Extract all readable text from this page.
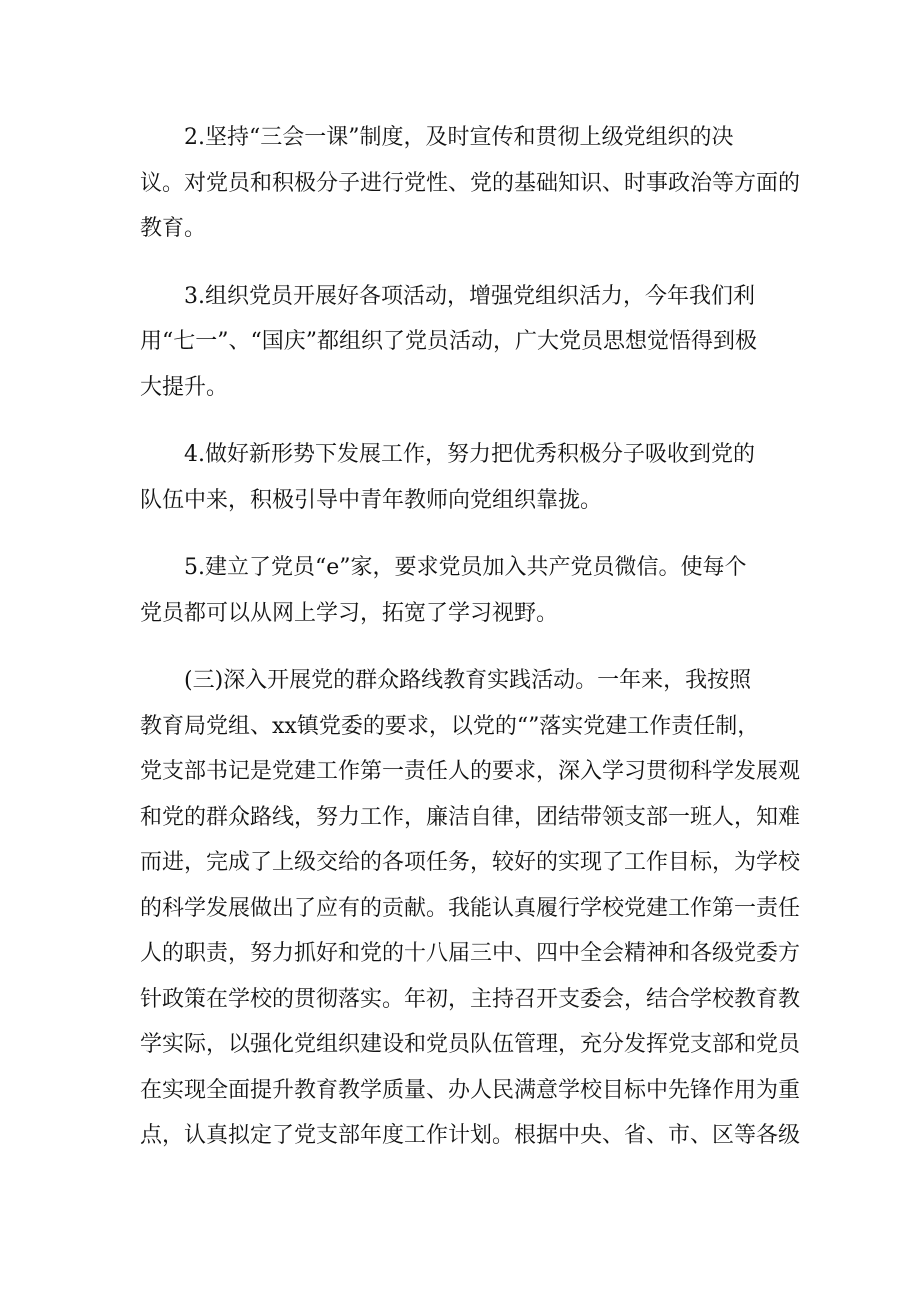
2.坚持“三会一课”制度，及时宣传和贯彻上级党组织的决
议。对党员和积极分子进行党性、党的基础知识、时事政治等方面的
教育。
3.组织党员开展好各项活动，增强党组织活力，今年我们利
用“七一”、“国庆”都组织了党员活动，广大党员思想觉悟得到极
大提升。
4.做好新形势下发展工作，努力把优秀积极分子吸收到党的
队伍中来，积极引导中青年教师向党组织靠拢。
5.建立了党员“e”家，要求党员加入共产党员微信。使每个
党员都可以从网上学习，拓宽了学习视野。
(三)深入开展党的群众路线教育实践活动。一年来，我按照
教育局党组、xx镇党委的要求，以党的“”落实党建工作责任制，
党支部书记是党建工作第一责任人的要求，深入学习贯彻科学发展观
和党的群众路线，努力工作，廉洁自律，团结带领支部一班人，知难
而进，完成了上级交给的各项任务，较好的实现了工作目标，为学校
的科学发展做出了应有的贡献。我能认真履行学校党建工作第一责任
人的职责，努力抓好和党的十八届三中、四中全会精神和各级党委方
针政策在学校的贯彻落实。年初，主持召开支委会，结合学校教育教
学实际，以强化党组织建设和党员队伍管理，充分发挥党支部和党员
在实现全面提升教育教学质量、办人民满意学校目标中先锋作用为重
点，认真拟定了党支部年度工作计划。根据中央、省、市、区等各级
